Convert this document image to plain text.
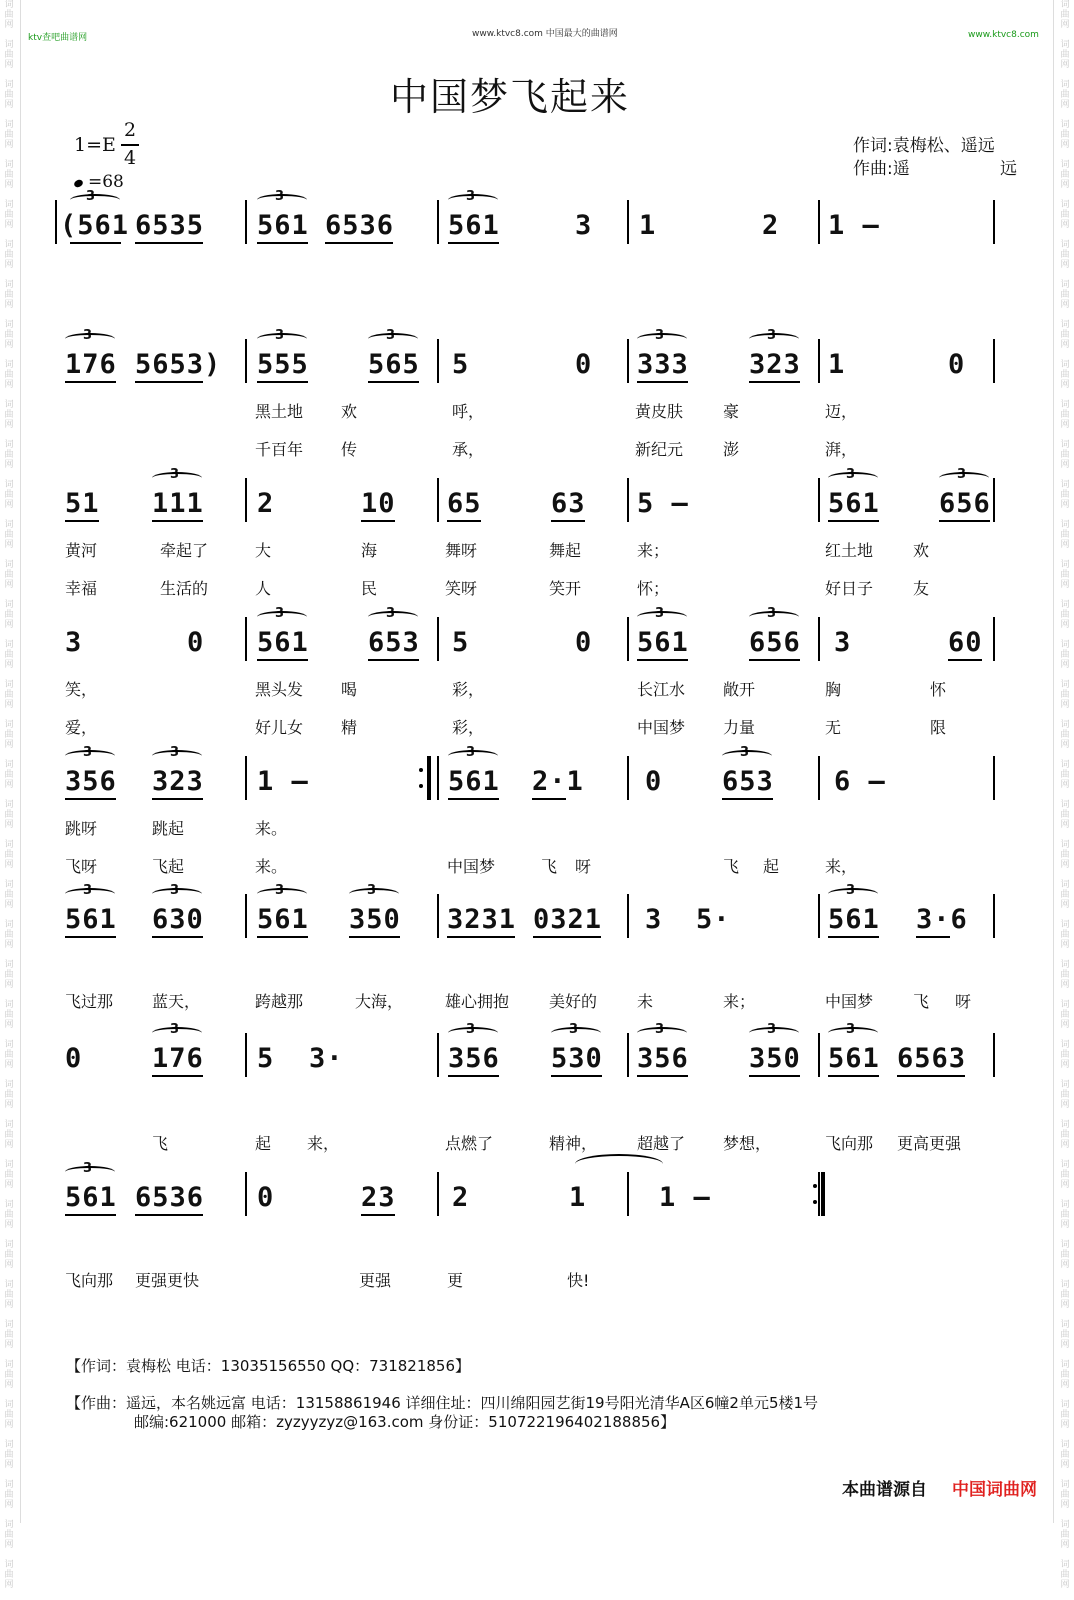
词
曲
网

词
曲
网

词
曲
网

词
曲
网

词
曲
网

词
曲
网

词
曲
网

词
曲
网

词
曲
网

词
曲
网

词
曲
网

词
曲
网

词
曲
网

词
曲
网

词
曲
网

词
曲
网

词
曲
网

词
曲
网

词
曲
网

词
曲
网

词
曲
网

词
曲
网

词
曲
网

词
曲
网

词
曲
网

词
曲
网

词
曲
网

词
曲
网

词
曲
网

词
曲
网

词
曲
网

词
曲
网

词
曲
网

词
曲
网

词
曲
网

词
曲
网

词
曲
网

词
曲
网

词
曲
网

词
曲
网

词
曲
网

词
曲
网

词
曲
网

词
曲
网

词
曲
网

词
曲
网

词
曲
网

词
曲
网

词
曲
网

词
曲
网

词
曲
网

词
曲
网

词
曲
网

词
曲
网

词
曲
网

词
曲
网

词
曲
网

词
曲
网

词
曲
网

词
曲
网

词
曲
网

词
曲
网

词
曲
网

词
曲
网

词
曲
网

词
曲
网

词
曲
网

词
曲
网

词
曲
网

词
曲
网

词
曲
网

词
曲
网

词
曲
网

词
曲
网

词
曲
网

词
曲
网

词
曲
网

词
曲
网

词
曲
网

词
曲
网

ktv查吧曲谱网	www.ktvc8.com 中国最大的曲谱网	www.ktvc8.com
中国梦飞起来
1=E
2
4
=68
作词:袁梅松、遥远
作曲:遥	远
(561
3
6535 561
3
6536 561
3
3 1	2 1 —
176
3
5653) 555
3
565
3
5	0 333
3
323
3
1	0
黑土地 欢	呼，	黄皮肤 豪	迈，
千百年 传	承，	新纪元 澎	湃，
51 111
3
2	10 65	63 5 —	561
3
656
3
黄河	牵起了	大	海	舞呀	舞起	来；	红土地 欢
幸福	生活的	人	民	笑呀	笑开	怀；	好日子 友
3	0 561
3
653
3
5	0 561
3
656
3
3	60
笑，	黑头发 喝	彩，	长江水 敞开	胸	怀
爱，	好儿女 精	彩，	中国梦 力量	无	限
356
3
323
3
1 —	561
3
2·1 0 653
3
6 —
跳呀	跳起	来。
飞呀	飞起	来。	中国梦	飞 呀	飞 起	来，
561
3
630
3
561
3
350
3
3231 0321 3 5·	561
3
3·6
飞过那 蓝天，	跨越那	大海，	雄心拥抱 美好的 未	来；	中国梦 飞 呀
0	176
3
5 3·	356
3
530
3
356
3
350
3
561
3
6563
飞	起 来，	点燃了	精神， 超越了 梦想，	飞向那 更高更强
561
3
6536 0	23 2	1	1 —
飞向那 更强更快	更强	更	快!
【作词：袁梅松 电话：13035156550 QQ：731821856】
【作曲：遥远，本名姚远富 电话：13158861946 详细住址：四川绵阳园艺街19号阳光清华A区6幢2单元5楼1号
邮编:621000 邮箱：zyzyyzyz@163.com 身份证：510722196402188856】
本曲谱源自 中国词曲网
